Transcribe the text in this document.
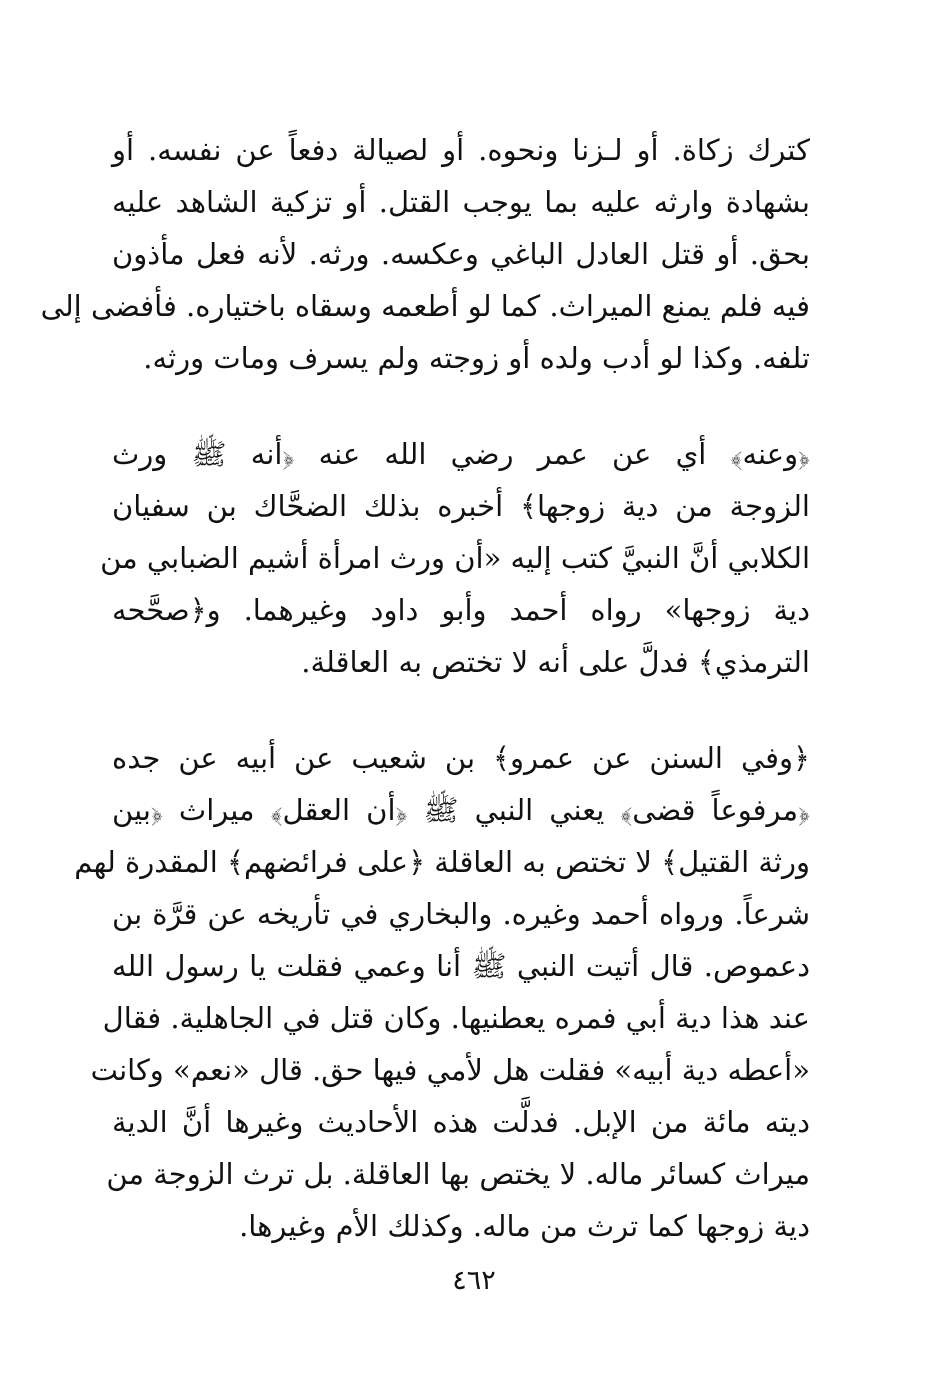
كترك زكاة. أو لـزنا ونحوه. أو لصيالة دفعاً عن نفسه. أو
بشهادة وارثه عليه بما يوجب القتل. أو تزكية الشاهد عليه
بحق. أو قتل العادل الباغي وعكسه. ورثه. لأنه فعل مأذون
فيه فلم يمنع الميراث. كما لو أطعمه وسقاه باختياره. فأفضى إلى
تلفه. وكذا لو أدب ولده أو زوجته ولم يسرف ومات ورثه.
﴿وعنه﴾ أي عن عمر رضي الله عنه ﴿أنه ﷺ ورث
الزوجة من دية زوجها﴾ أخبره بذلك الضحَّاك بن سفيان
الكلابي أنَّ النبيَّ كتب إليه «أن ورث امرأة أشيم الضبابي من
دية زوجها» رواه أحمد وأبو داود وغيرهما. و﴿صحَّحه
الترمذي﴾ فدلَّ على أنه لا تختص به العاقلة.
﴿وفي السنن عن عمرو﴾ بن شعيب عن أبيه عن جده
﴿مرفوعاً قضى﴾ يعني النبي ﷺ ﴿أن العقل﴾ ميراث ﴿بين
ورثة القتيل﴾ لا تختص به العاقلة ﴿على فرائضهم﴾ المقدرة لهم
شرعاً. ورواه أحمد وغيره. والبخاري في تأريخه عن قرَّة بن
دعموص. قال أتيت النبي ﷺ أنا وعمي فقلت يا رسول الله
عند هذا دية أبي فمره يعطنيها. وكان قتل في الجاهلية. فقال
«أعطه دية أبيه» فقلت هل لأمي فيها حق. قال «نعم» وكانت
ديته مائة من الإبل. فدلَّت هذه الأحاديث وغيرها أنَّ الدية
ميراث كسائر ماله. لا يختص بها العاقلة. بل ترث الزوجة من
دية زوجها كما ترث من ماله. وكذلك الأم وغيرها.
٤٦٢
